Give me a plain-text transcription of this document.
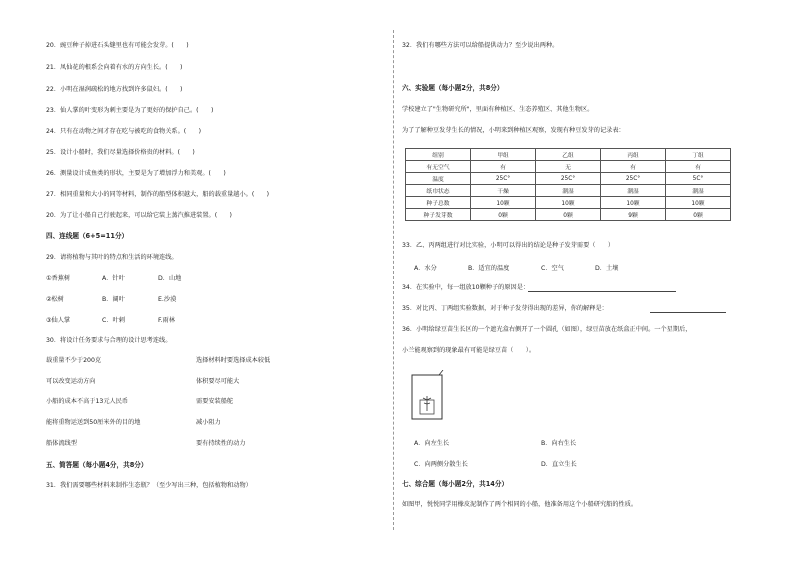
20．豌豆种子掉进石头缝里也有可能会发芽。(　　)
21．凤仙花的根系会向着有水的方向生长。(　　)
22．小明在湿润疏松的地方找到许多鼠妇。(　　)
23．仙人掌的叶变形为刺主要是为了更好的保护自己。(　　)
24．只有在动物之间才存在吃与被吃的食物关系。(　　)
25．设计小船时，我们尽量选择价格贵的材料。(　　)
26．测量设计成鱼类的形状，主要是为了增加浮力和美观。(　　)
27．相同重量和大小的同等材料，制作的船型体积越大，船的载重量越小。(　　)
20．为了让小船自己行驶起来，可以给它装上蒸汽推进装置。(　　)
四、连线题（6+5=11分）
29．请将植物与其叶的特点和生活的环境连线。
①香蕉树	A．针叶	D．山地
②松树	B．阔叶	E.沙漠
③仙人掌	C．叶刺	F.雨林
30．将设计任务要求与合理的设计思考连线。
载重量不少于200克	选择材料时要选择成本较低
可以改变运动方向	体积要尽可能大
小船的成本不高于13元人民币	需要安装船舵
能将重物运送到50厘米外的目的地	减小阻力
船体流线型	要有持续性的动力
五、简答题（每小题4分，共8分）
31．我们需要哪些材料来制作生态瓶？（至少写出三种，包括植物和动物）
32．我们有哪些方法可以给船提供动力？至少说出两种。
六、实验题（每小题2分，共8分）
学校建立了"生物研究所"，里面有种植区、生态养殖区、其他生物区。
为了了解种豆发芽生长的情况，小明来到种植区观察，发现有种豆发芽的记录表：
组别	甲组	乙组	丙组	丁组
有无空气	有	无	有	有
温度	25C°	25C°	25C°	5C°
纸巾状态	干燥	潮湿	潮湿	潮湿
种子总数	10颗	10颗	10颗	10颗
种子发芽数	0颗	0颗	9颗	0颗
33．乙、丙两组进行对比实验，小明可以得出的结论是种子发芽需要（　　）
A．水分	B．适宜的温度	C．空气	D．土壤
34．在实验中，每一组放10颗种子的原因是：
35．对比丙、丁两组实验数据，对于种子发芽得出现的差异，你的解释是：
36．小明给绿豆苗生长区的一个遮光盒右侧开了一个圆孔（如图），绿豆苗放在纸盒正中间。一个星期后，
小兰能观察到的现象最有可能是绿豆苗（　　）。
A．向左生长	B．向右生长
C．向两侧分散生长	D．直立生长
七、综合题（每小题2分，共14分）
如图甲，悦悦同学用橡皮泥制作了两个相同的小船，他准备用这个小船研究船的性质。
